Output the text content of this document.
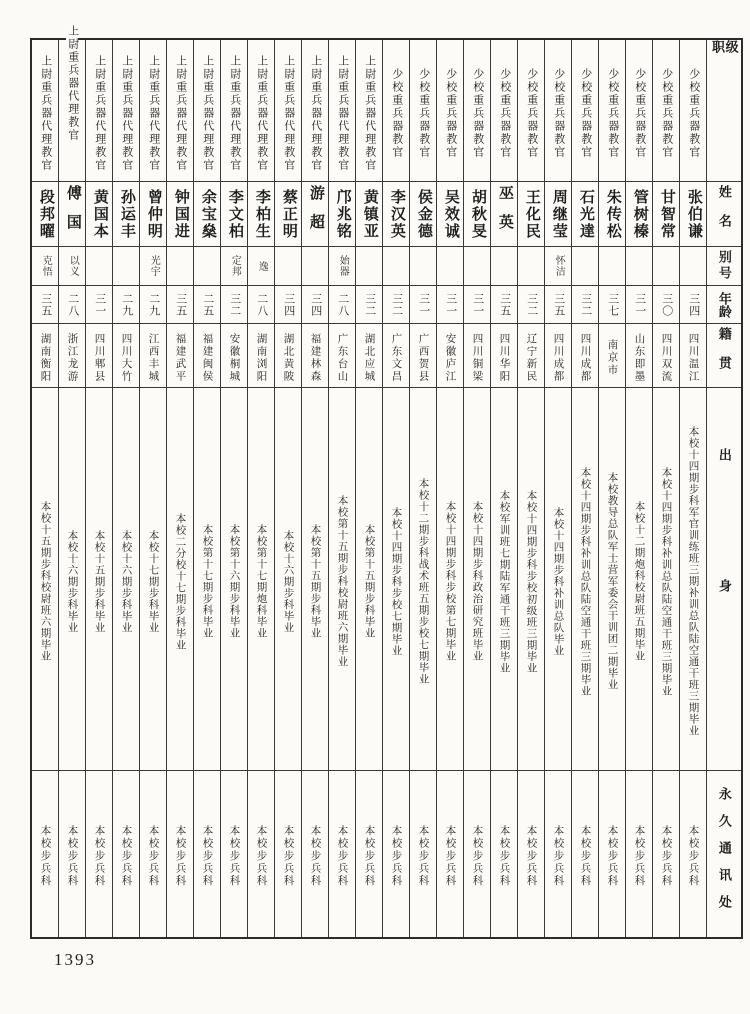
上尉重兵器代理教官
段邦曜
克悟
三五
湖南衡阳
本校十五期步科校尉班六期毕业
本校步兵科
上尉重兵器代理教官
傅国
以义
二八
浙江龙游
本校十六期步科毕业
本校步兵科
上尉重兵器代理教官
黄国本
三一
四川郫县
本校十五期步科毕业
本校步兵科
上尉重兵器代理教官
孙运丰
二九
四川大竹
本校十六期步科毕业
本校步兵科
上尉重兵器代理教官
曾仲明
光宇
二九
江西丰城
本校十七期步科毕业
本校步兵科
上尉重兵器代理教官
钟国进
三五
福建武平
本校二分校十七期步科毕业
本校步兵科
上尉重兵器代理教官
余宝燊
二五
福建闽侯
本校第十七期步科毕业
本校步兵科
上尉重兵器代理教官
李文柏
定邦
三二
安徽桐城
本校第十六期步科毕业
本校步兵科
上尉重兵器代理教官
李柏生
逸
二八
湖南浏阳
本校第十七期炮科毕业
本校步兵科
上尉重兵器代理教官
蔡正明
三四
湖北黄陂
本校十六期步科毕业
本校步兵科
上尉重兵器代理教官
游超
三四
福建林森
本校第十五期步科毕业
本校步兵科
上尉重兵器代理教官
邝兆铭
始器
二八
广东台山
本校第十五期步科校尉班六期毕业
本校步兵科
上尉重兵器代理教官
黄镇亚
三二
湖北应城
本校第十五期步科毕业
本校步兵科
少校重兵器教官
李汉英
三二
广东文昌
本校十四期步科步校七期毕业
本校步兵科
少校重兵器教官
侯金德
三一
广西贺县
本校十二期步科战术班五期步校七期毕业
本校步兵科
少校重兵器教官
吴效诚
三一
安徽庐江
本校十四期步科步校第七期毕业
本校步兵科
少校重兵器教官
胡秋旻
三一
四川铜梁
本校十四期步科政治研究班毕业
本校步兵科
少校重兵器教官
巫英
三五
四川华阳
本校军训班七期陆军通干班三期毕业
本校步兵科
少校重兵器教官
王化民
三二
辽宁新民
本校十四期步科步校初级班三期毕业
本校步兵科
少校重兵器教官
周继莹
怀洁
三五
四川成都
本校十四期步科补训总队毕业
本校步兵科
少校重兵器教官
石光達
三二
四川成都
本校十四期步科补训总队陆空通干班三期毕业
本校步兵科
少校重兵器教官
朱传松
三七
南京市
本校教导总队军士营军委会干训团二期毕业
本校步兵科
少校重兵器教官
管树榛
三一
山东即墨
本校十二期炮科校尉班五期毕业
本校步兵科
少校重兵器教官
甘智常
三〇
四川双流
本校十四期步科补训总队陆空通干班三期毕业
本校步兵科
少校重兵器教官
张伯谦
三四
四川温江
本校十四期步科军官训练班三期补训总队陆空通干班三期毕业
本校步兵科
级职
姓名
别号
年龄
籍贯
出身
永久通讯处
1393
